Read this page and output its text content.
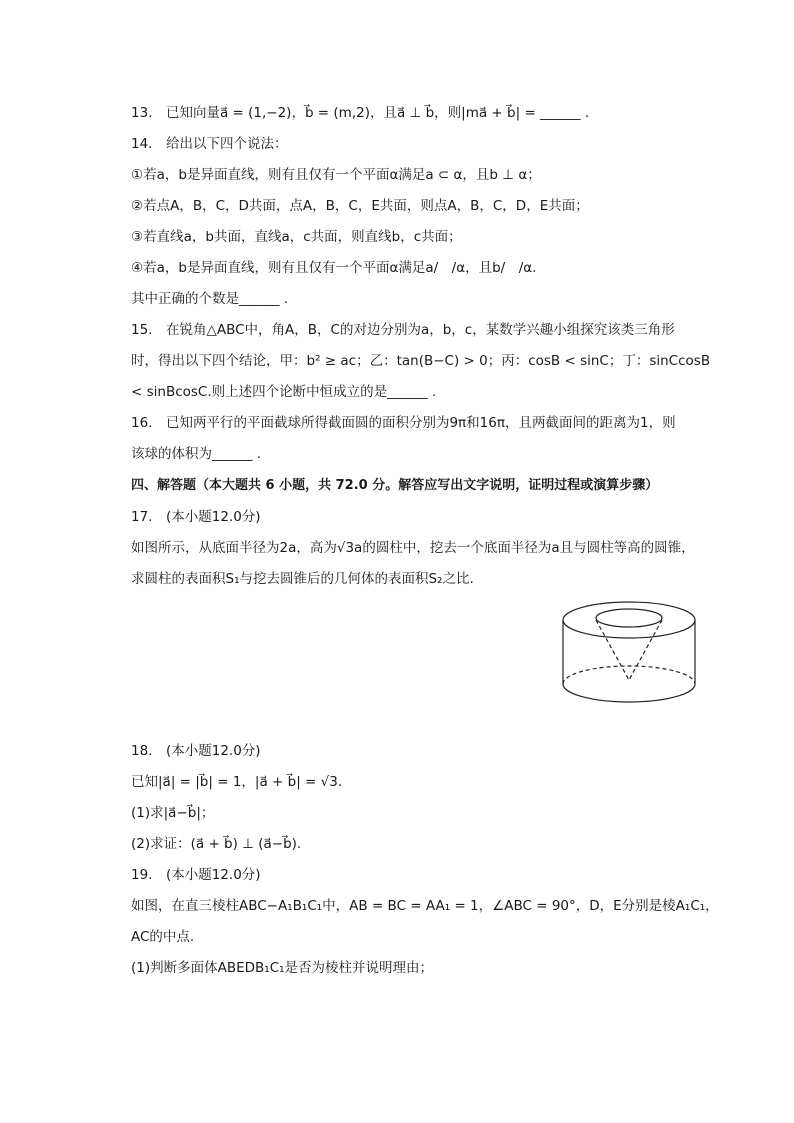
13.　已知向量a⃗ = (1,−2)，b⃗ = (m,2)，且a⃗ ⊥ b⃗，则|ma⃗ + b⃗| = ______ .
14.　给出以下四个说法：
①若a，b是异面直线，则有且仅有一个平面α满足a ⊂ α，且b ⊥ α；
②若点A，B，C，D共面，点A，B，C，E共面，则点A，B，C，D，E共面；
③若直线a，b共面，直线a，c共面，则直线b，c共面；
④若a，b是异面直线，则有且仅有一个平面α满足a/　/α，且b/　/α.
其中正确的个数是______ .
15.　在锐角△ABC中，角A，B，C的对边分别为a，b，c，某数学兴趣小组探究该类三角形
时，得出以下四个结论，甲：b² ≥ ac；乙：tan(B−C) > 0；丙：cosB < sinC；丁：sinCcosB
< sinBcosC.则上述四个论断中恒成立的是______ .
16.　已知两平行的平面截球所得截面圆的面积分别为9π和16π，且两截面间的距离为1，则
该球的体积为______ .
四、解答题（本大题共 6 小题，共 72.0 分。解答应写出文字说明，证明过程或演算步骤）
17.　(本小题12.0分)
如图所示，从底面半径为2a，高为√3a的圆柱中，挖去一个底面半径为a且与圆柱等高的圆锥，
求圆柱的表面积S₁与挖去圆锥后的几何体的表面积S₂之比.
18.　(本小题12.0分)
已知|a⃗| = |b⃗| = 1，|a⃗ + b⃗| = √3.
(1)求|a⃗−b⃗|；
(2)求证：(a⃗ + b⃗) ⊥ (a⃗−b⃗).
19.　(本小题12.0分)
如图，在直三棱柱ABC−A₁B₁C₁中，AB = BC = AA₁ = 1，∠ABC = 90°，D，E分别是棱A₁C₁，
AC的中点.
(1)判断多面体ABEDB₁C₁是否为棱柱并说明理由；
